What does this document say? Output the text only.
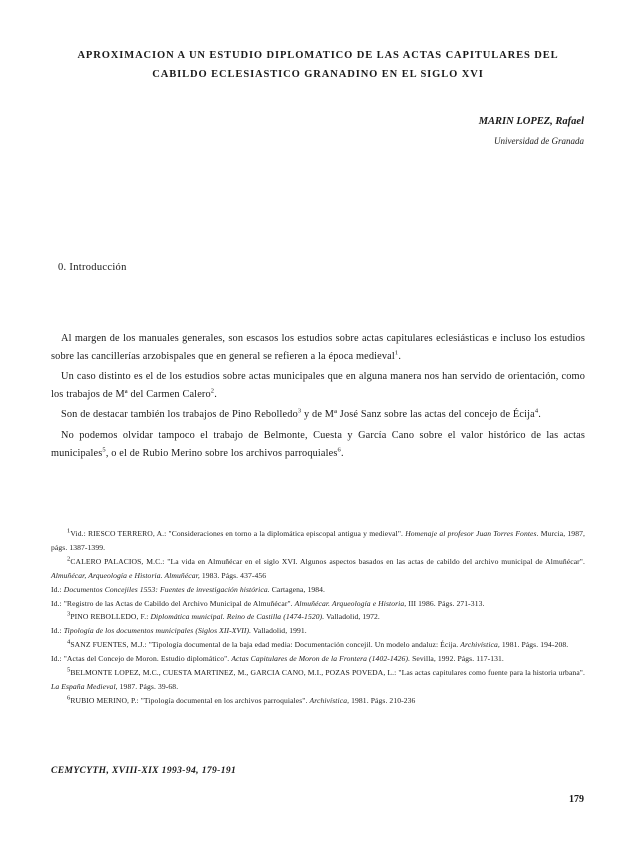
APROXIMACION A UN ESTUDIO DIPLOMATICO DE LAS ACTAS CAPITULARES DEL
CABILDO ECLESIASTICO GRANADINO EN EL SIGLO XVI
MARIN LOPEZ, Rafael
Universidad de Granada
0. Introducción

Al margen de los manuales generales, son escasos los estudios sobre actas capitulares eclesiásticas e incluso los estudios sobre las cancillerías arzobispales que en general se refieren a la época medieval$^1$.

Un caso distinto es el de los estudios sobre actas municipales que en alguna manera nos han servido de orientación, como los trabajos de Mª del Carmen Calero$^2$.

Son de destacar también los trabajos de Pino Rebolledo$^3$ y de Mª José Sanz sobre las actas del concejo de Écija$^4$.

No podemos olvidar tampoco el trabajo de Belmonte, Cuesta y García Cano sobre el valor histórico de las actas municipales$^5$, o el de Rubio Merino sobre los archivos parroquiales$^6$.

$^1$Vid.: RIESCO TERRERO, A.: "Consideraciones en torno a la diplomática episcopal antigua y medieval". Homenaje al profesor Juan Torres Fontes. Murcia, 1987, págs. 1387-1399.

$^2$CALERO PALACIOS, M.C.: "La vida en Almuñécar en el siglo XVI. Algunos aspectos basados en las actas de cabildo del archivo municipal de Almuñécar". Almuñécar, Arqueología e Historia. Almuñécar, 1983. Págs. 437-456

Id.: Documentos Concejiles 1553: Fuentes de investigación histórica. Cartagena, 1984.

Id.: "Registro de las Actas de Cabildo del Archivo Municipal de Almuñécar". Almuñécar. Arqueología e Historia, III 1986. Págs. 271-313.

$^3$PINO REBOLLEDO, F.: Diplomática municipal. Reino de Castilla (1474-1520). Valladolid, 1972.

Id.: Tipología de los documentos municipales (Siglos XII-XVII). Valladolid, 1991.

$^4$SANZ FUENTES, M.J.: "Tipología documental de la baja edad media: Documentación concejil. Un modelo andaluz: Écija. Archivística, 1981. Págs. 194-208.

Id.: "Actas del Concejo de Moron. Estudio diplomático". Actas Capitulares de Moron de la Frontera (1402-1426). Sevilla, 1992. Págs. 117-131.

$^5$BELMONTE LOPEZ, M.C., CUESTA MARTINEZ, M., GARCIA CANO, M.I., POZAS POVEDA, L.: "Las actas capitulares como fuente para la historia urbana". La España Medieval, 1987. Págs. 39-68.

$^6$RUBIO MERINO, P.: "Tipología documental en los archivos parroquiales". Archivística, 1981. Págs. 210-236

CEMYCYTH, XVIII-XIX 1993-94, 179-191
179
